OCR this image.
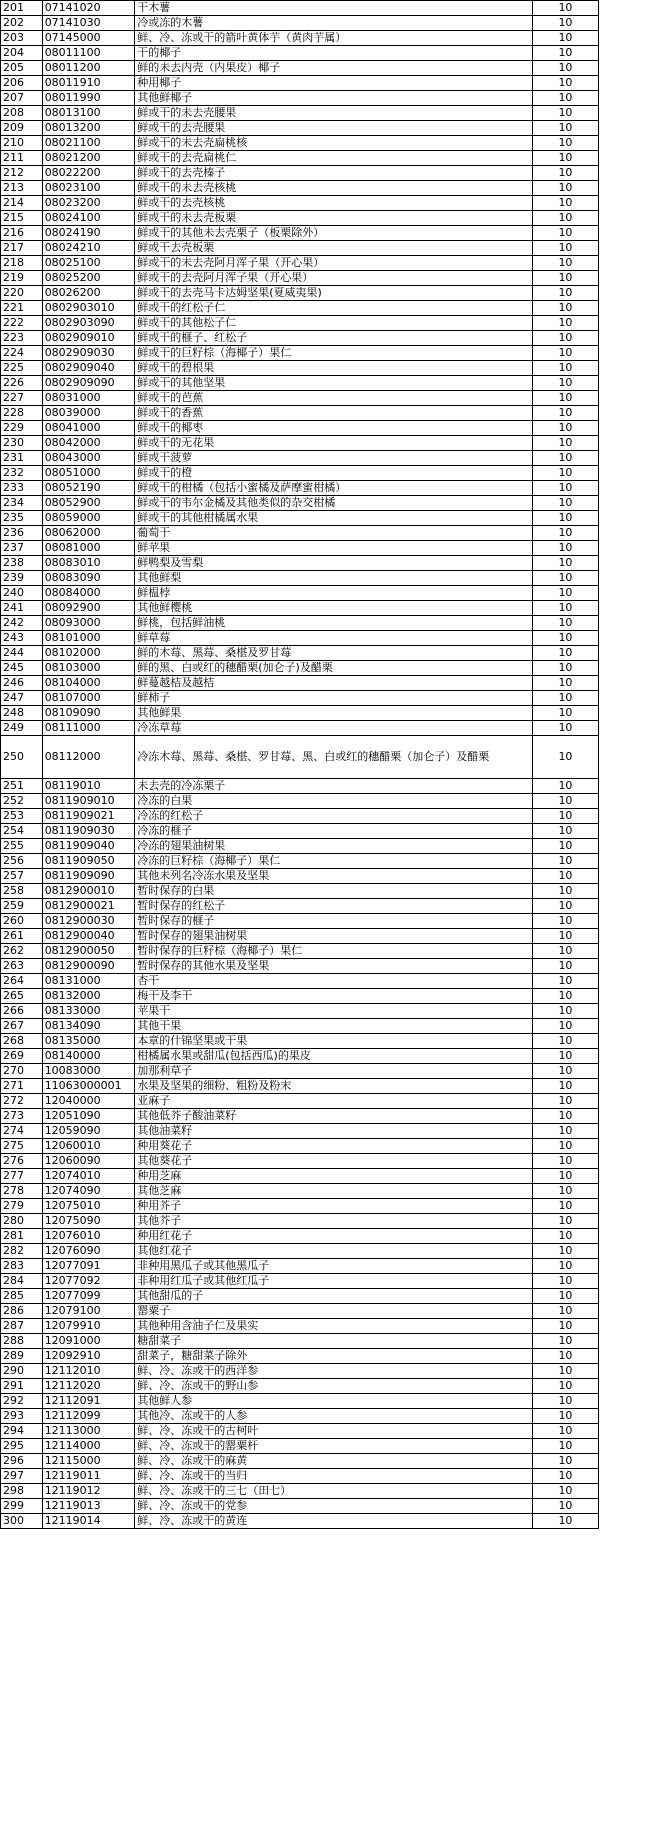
201	07141020	干木薯	10
202	07141030	冷或冻的木薯	10
203	07145000	鲜、冷、冻或干的箭叶黄体芋（黄肉芋属）	10
204	08011100	干的椰子	10
205	08011200	鲜的未去内壳（内果皮）椰子	10
206	08011910	种用椰子	10
207	08011990	其他鲜椰子	10
208	08013100	鲜或干的未去壳腰果	10
209	08013200	鲜或干的去壳腰果	10
210	08021100	鲜或干的未去壳扁桃核	10
211	08021200	鲜或干的去壳扁桃仁	10
212	08022200	鲜或干的去壳榛子	10
213	08023100	鲜或干的未去壳核桃	10
214	08023200	鲜或干的去壳核桃	10
215	08024100	鲜或干的未去壳板栗	10
216	08024190	鲜或干的其他未去壳栗子（板栗除外）	10
217	08024210	鲜或干去壳板栗	10
218	08025100	鲜或干的未去壳阿月浑子果（开心果）	10
219	08025200	鲜或干的去壳阿月浑子果（开心果）	10
220	08026200	鲜或干的去壳马卡达姆坚果(夏威夷果)	10
221	0802903010	鲜或干的红松子仁	10
222	0802903090	鲜或干的其他松子仁	10
223	0802909010	鲜或干的榧子、红松子	10
224	0802909030	鲜或干的巨籽棕（海椰子）果仁	10
225	0802909040	鲜或干的碧根果	10
226	0802909090	鲜或干的其他坚果	10
227	08031000	鲜或干的芭蕉	10
228	08039000	鲜或干的香蕉	10
229	08041000	鲜或干的椰枣	10
230	08042000	鲜或干的无花果	10
231	08043000	鲜或干菠萝	10
232	08051000	鲜或干的橙	10
233	08052190	鲜或干的柑橘（包括小蜜橘及萨摩蜜柑橘）	10
234	08052900	鲜或干的韦尔金橘及其他类似的杂交柑橘	10
235	08059000	鲜或干的其他柑橘属水果	10
236	08062000	葡萄干	10
237	08081000	鲜苹果	10
238	08083010	鲜鸭梨及雪梨	10
239	08083090	其他鲜梨	10
240	08084000	鲜榅桲	10
241	08092900	其他鲜樱桃	10
242	08093000	鲜桃，包括鲜油桃	10
243	08101000	鲜草莓	10
244	08102000	鲜的木莓、黑莓、桑椹及罗甘莓	10
245	08103000	鲜的黑、白或红的穗醋栗(加仑子)及醋栗	10
246	08104000	鲜蔓越桔及越桔	10
247	08107000	鲜柿子	10
248	08109090	其他鲜果	10
249	08111000	冷冻草莓	10
250	08112000	冷冻木莓、黑莓、桑椹、罗甘莓、黑、白或红的穗醋栗（加仑子）及醋栗	10
251	08119010	未去壳的冷冻栗子	10
252	0811909010	冷冻的白果	10
253	0811909021	冷冻的红松子	10
254	0811909030	冷冻的榧子	10
255	0811909040	冷冻的翅果油树果	10
256	0811909050	冷冻的巨籽棕（海椰子）果仁	10
257	0811909090	其他未列名冷冻水果及坚果	10
258	0812900010	暂时保存的白果	10
259	0812900021	暂时保存的红松子	10
260	0812900030	暂时保存的榧子	10
261	0812900040	暂时保存的翅果油树果	10
262	0812900050	暂时保存的巨籽棕（海椰子）果仁	10
263	0812900090	暂时保存的其他水果及坚果	10
264	08131000	杏干	10
265	08132000	梅干及李干	10
266	08133000	苹果干	10
267	08134090	其他干果	10
268	08135000	本章的什锦坚果或干果	10
269	08140000	柑橘属水果或甜瓜(包括西瓜)的果皮	10
270	10083000	加那利草子	10
271	11063000001	水果及坚果的细粉、粗粉及粉末	10
272	12040000	亚麻子	10
273	12051090	其他低芥子酸油菜籽	10
274	12059090	其他油菜籽	10
275	12060010	种用葵花子	10
276	12060090	其他葵花子	10
277	12074010	种用芝麻	10
278	12074090	其他芝麻	10
279	12075010	种用芥子	10
280	12075090	其他芥子	10
281	12076010	种用红花子	10
282	12076090	其他红花子	10
283	12077091	非种用黑瓜子或其他黑瓜子	10
284	12077092	非种用红瓜子或其他红瓜子	10
285	12077099	其他甜瓜的子	10
286	12079100	罂粟子	10
287	12079910	其他种用含油子仁及果实	10
288	12091000	糖甜菜子	10
289	12092910	甜菜子，糖甜菜子除外	10
290	12112010	鲜、冷、冻或干的西洋参	10
291	12112020	鲜、冷、冻或干的野山参	10
292	12112091	其他鲜人参	10
293	12112099	其他冷、冻或干的人参	10
294	12113000	鲜、冷、冻或干的古柯叶	10
295	12114000	鲜、冷、冻或干的罂粟杆	10
296	12115000	鲜、冷、冻或干的麻黄	10
297	12119011	鲜、冷、冻或干的当归	10
298	12119012	鲜、冷、冻或干的三七（田七）	10
299	12119013	鲜、冷、冻或干的党参	10
300	12119014	鲜、冷、冻或干的黄连	10
